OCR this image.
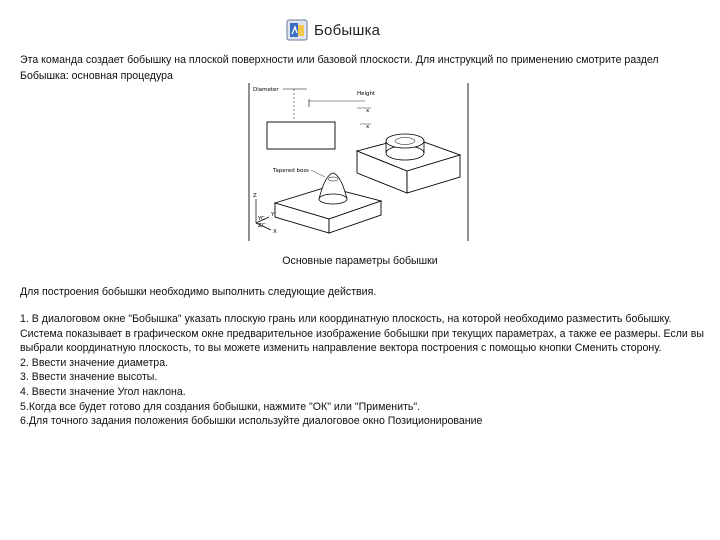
Бобышка
Эта команда создает бобышку на плоской поверхности или базовой плоскости. Для инструкций по применению смотрите раздел Бобышка: основная процедура
Diameter
Height
x
x
Tapered boss
Z
Y
X
YC
ZC
Основные параметры бобышки
Для построения бобышки необходимо выполнить следующие действия.
1. В диалоговом окне "Бобышка" указать плоскую грань или координатную плоскость, на которой необходимо разместить бобышку. Система показывает в графическом окне предварительное изображение бобышки при текущих параметрах, а также ее размеры. Если вы выбрали координатную плоскость, то вы можете изменить направление вектора построения с помощью кнопки Сменить сторону.
2. Ввести значение диаметра.
3. Ввести значение высоты.
4. Ввести значение Угол наклона.
5.Когда все будет готово для создания бобышки, нажмите "ОК" или "Применить".
6.Для точного задания положения бобышки используйте диалоговое окно Позиционирование
